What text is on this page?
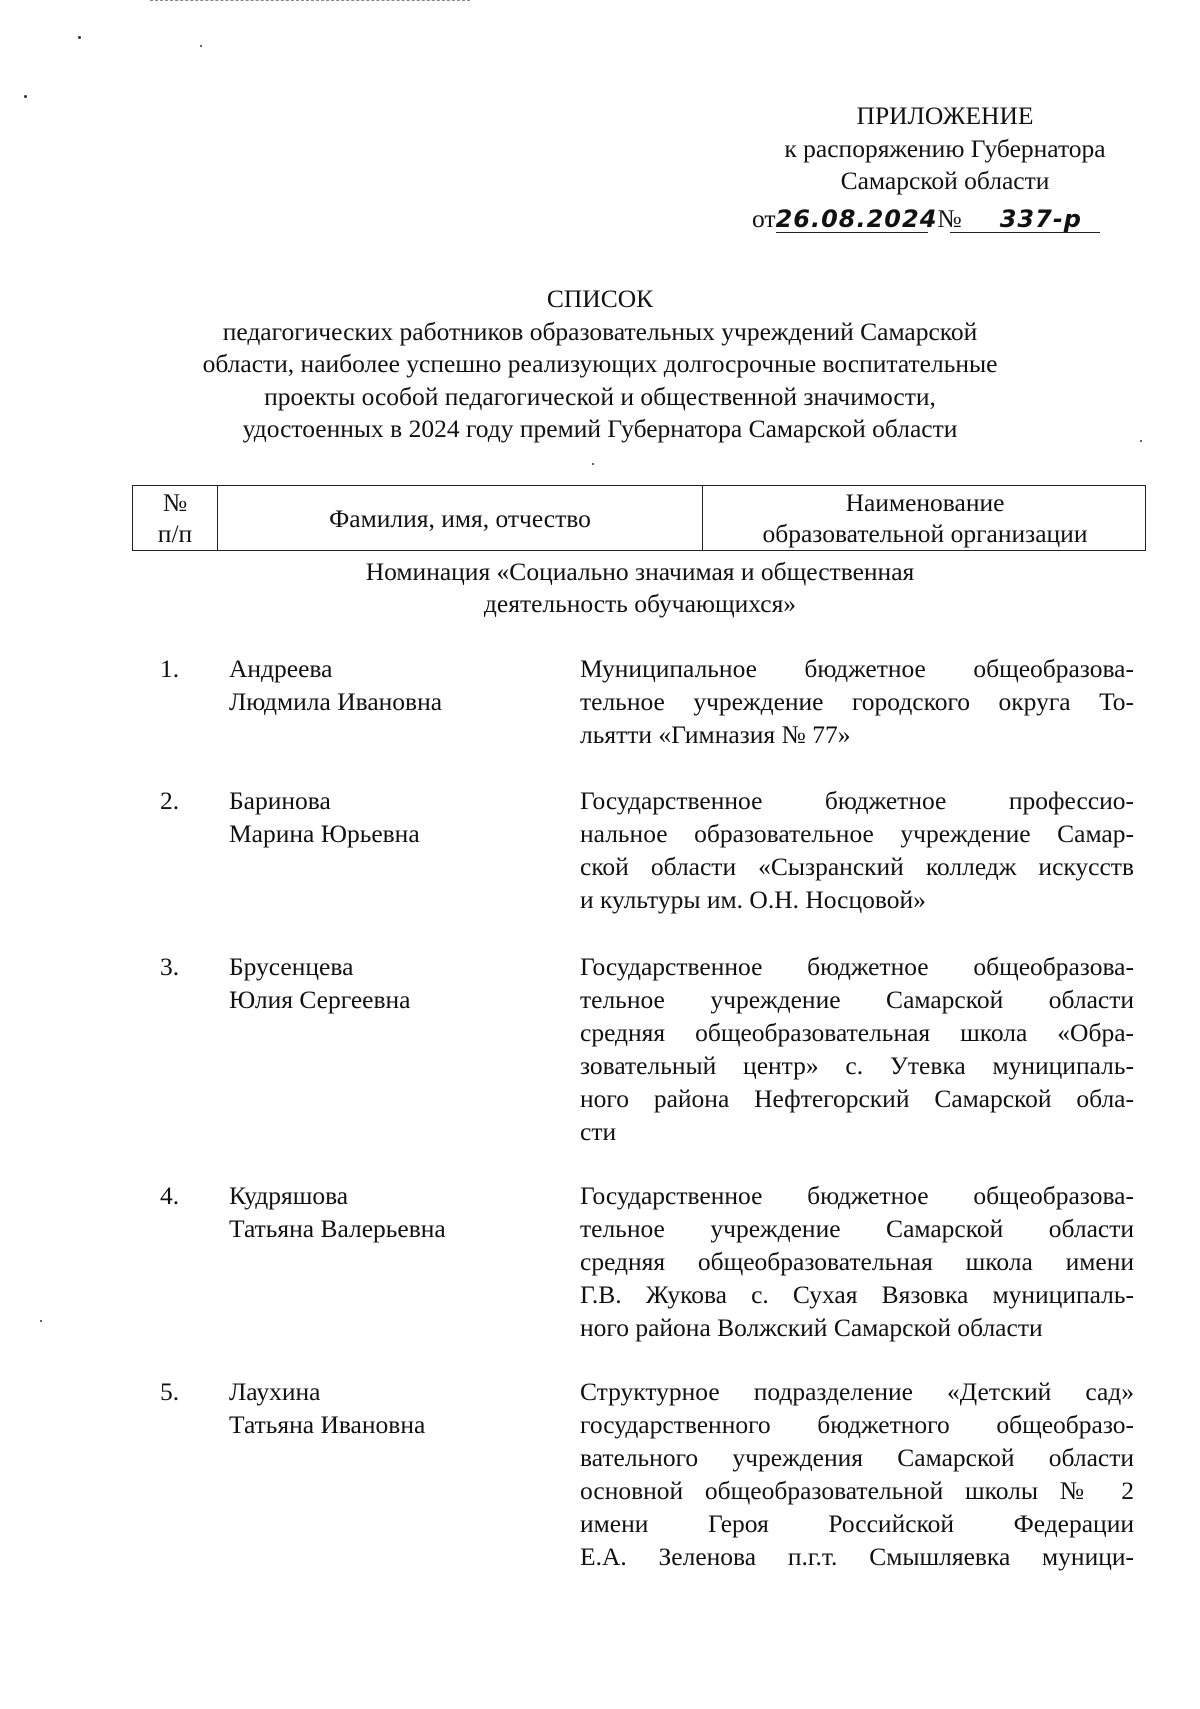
ПРИЛОЖЕНИЕ
к распоряжению Губернатора
Самарской области
от26.08.2024№ 337-р
СПИСОК
педагогических работников образовательных учреждений Самарской
области, наиболее успешно реализующих долгосрочные воспитательные
проекты особой педагогической и общественной значимости,
удостоенных в 2024 году премий Губернатора Самарской области
№
п/п
Фамилия, имя, отчество
Наименование
образовательной организации
Номинация «Социально значимая и общественная
деятельность обучающихся»
1. Андреева
Людмила Ивановна
Муниципальное бюджетное общеобразова-
тельное учреждение городского округа То-
льятти «Гимназия № 77»
2. Баринова
Марина Юрьевна
Государственное бюджетное профессио-
нальное образовательное учреждение Самар-
ской области «Сызранский колледж искусств
и культуры им. О.Н. Носцовой»
3. Брусенцева
Юлия Сергеевна
Государственное бюджетное общеобразова-
тельное учреждение Самарской области
средняя общеобразовательная школа «Обра-
зовательный центр» с. Утевка муниципаль-
ного района Нефтегорский Самарской обла-
сти
4. Кудряшова
Татьяна Валерьевна
Государственное бюджетное общеобразова-
тельное учреждение Самарской области
средняя общеобразовательная школа имени
Г.В. Жукова с. Сухая Вязовка муниципаль-
ного района Волжский Самарской области
5. Лаухина
Татьяна Ивановна
Структурное подразделение «Детский сад»
государственного бюджетного общеобразо-
вательного учреждения Самарской области
основной общеобразовательной школы № 2
имени Героя Российской Федерации
Е.А. Зеленова п.г.т. Смышляевка муници-
